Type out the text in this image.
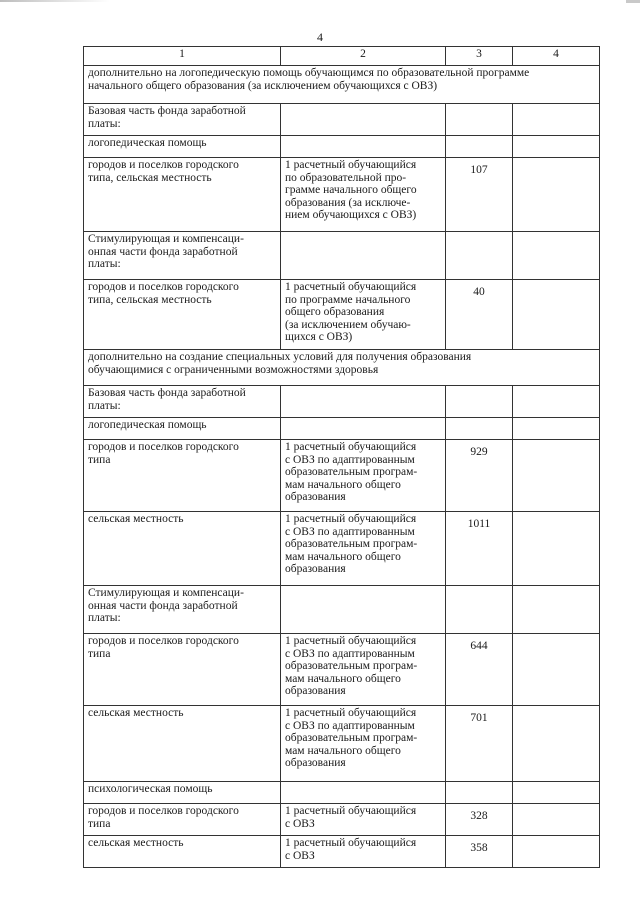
4
1	2	3	4

дополнительно на логопедическую помощь обучающимся по образовательной программе
начального общего образования (за исключением обучающихся с ОВЗ)			

Базовая часть фонда заработной
платы:			

логопедическая помощь			

городов и поселков городского
типа, сельская местность	1 расчетный обучающийся
по образовательной про-
грамме начального общего
образования (за исключе-
нием обучающихся с ОВЗ)	107	

Стимулирующая и компенсаци-
онпая части фонда заработной
платы:			

городов и поселков городского
типа, сельская местность	1 расчетный обучающийся
по программе начального
общего образования
(за исключением обучаю-
щихся с ОВЗ)	40	

дополнительно на создание специальных условий для получения образования
обучающимися с ограниченными возможностями здоровья			

Базовая часть фонда заработной
платы:			

логопедическая помощь			

городов и поселков городского
типа	1 расчетный обучающийся
с ОВЗ по адаптированным
образовательным програм-
мам начального общего
образования	929	

сельская местность	1 расчетный обучающийся
с ОВЗ по адаптированным
образовательным програм-
мам начального общего
образования	1011	

Стимулирующая и компенсаци-
онная части фонда заработной
платы:			

городов и поселков городского
типа	1 расчетный обучающийся
с ОВЗ по адаптированным
образовательным програм-
мам начального общего
образования	644	

сельская местность	1 расчетный обучающийся
с ОВЗ по адаптированным
образовательным програм-
мам начального общего
образования	701	

психологическая помощь			

городов и поселков городского
типа	1 расчетный обучающийся
с ОВЗ	328	

сельская местность	1 расчетный обучающийся
с ОВЗ	358	
